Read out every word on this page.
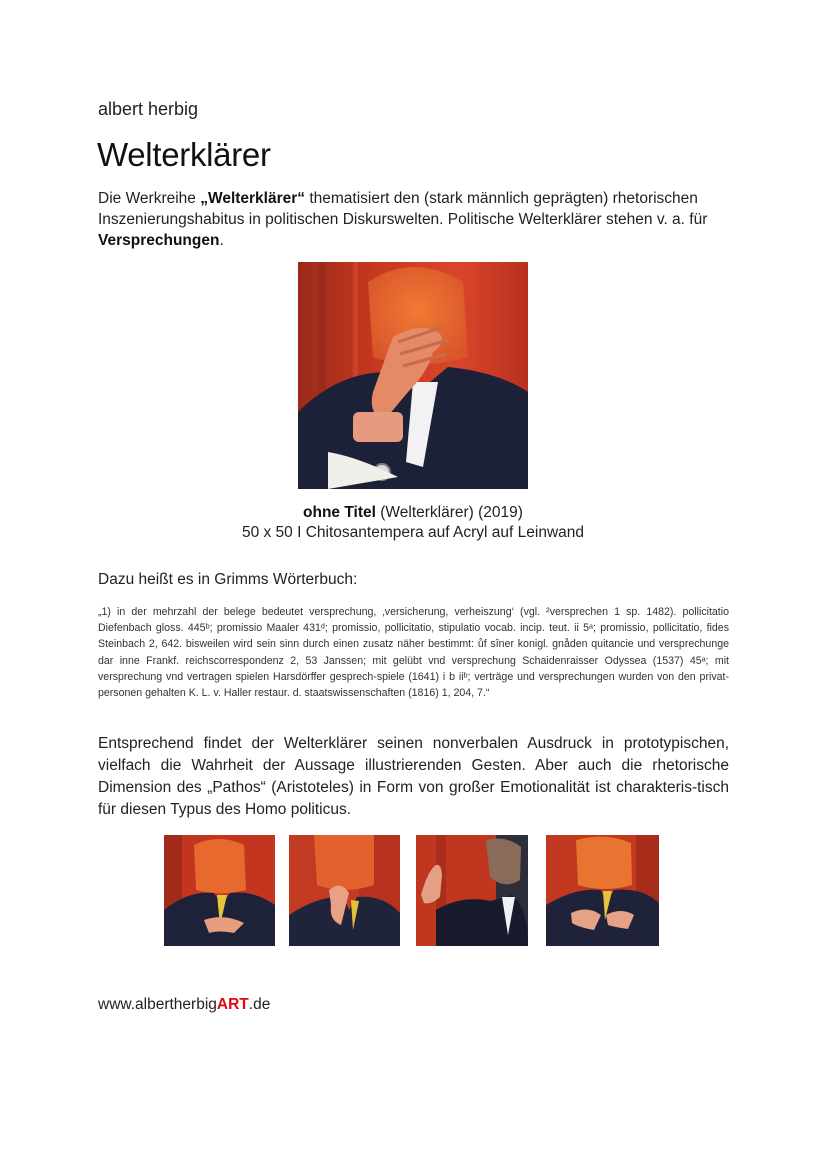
albert herbig
Welterklärer

Die Werkreihe „Welterklärer“ thematisiert den (stark männlich geprägten) rhetorischen Inszenierungshabitus in politischen Diskurswelten. Politische Welterklärer stehen v. a. für Versprechungen.

ohne Titel (Welterklärer) (2019)
50 x 50 I Chitosantempera auf Acryl auf Leinwand
Dazu heißt es in Grimms Wörterbuch:

„1) in der mehrzahl der belege bedeutet versprechung, ‚versicherung, verheiszung‘ (vgl. ²versprechen 1 sp. 1482). pollicitatio Diefenbach gloss. 445ᵇ; promissio Maaler 431ᵈ; promissio, pollicitatio, stipulatio vocab. incip. teut. ii 5ᵃ; promissio, pollicitatio, fides Steinbach 2, 642. bisweilen wird sein sinn durch einen zusatz näher bestimmt: ůf sîner konigl. gnåden quitancie und versprechunge dar inne Frankf. reichscorrespondenz 2, 53 Janssen; mit gelübt vnd versprechung Schaidenraisser Odyssea (1537) 45ᵃ; mit versprechung vnd vertragen spielen Harsdörffer gesprech-spiele (1641) i b iiᵇ; verträge und versprechungen wurden von den privat-personen gehalten K. L. v. Haller restaur. d. staatswissenschaften (1816) 1, 204, 7.“

Entsprechend findet der Welterklärer seinen nonverbalen Ausdruck in prototypischen, vielfach die Wahrheit der Aussage illustrierenden Gesten. Aber auch die rhetorische Dimension des „Pathos“ (Aristoteles) in Form von großer Emotionalität ist charakteris-tisch für diesen Typus des Homo politicus.

www.albertherbigART.de
